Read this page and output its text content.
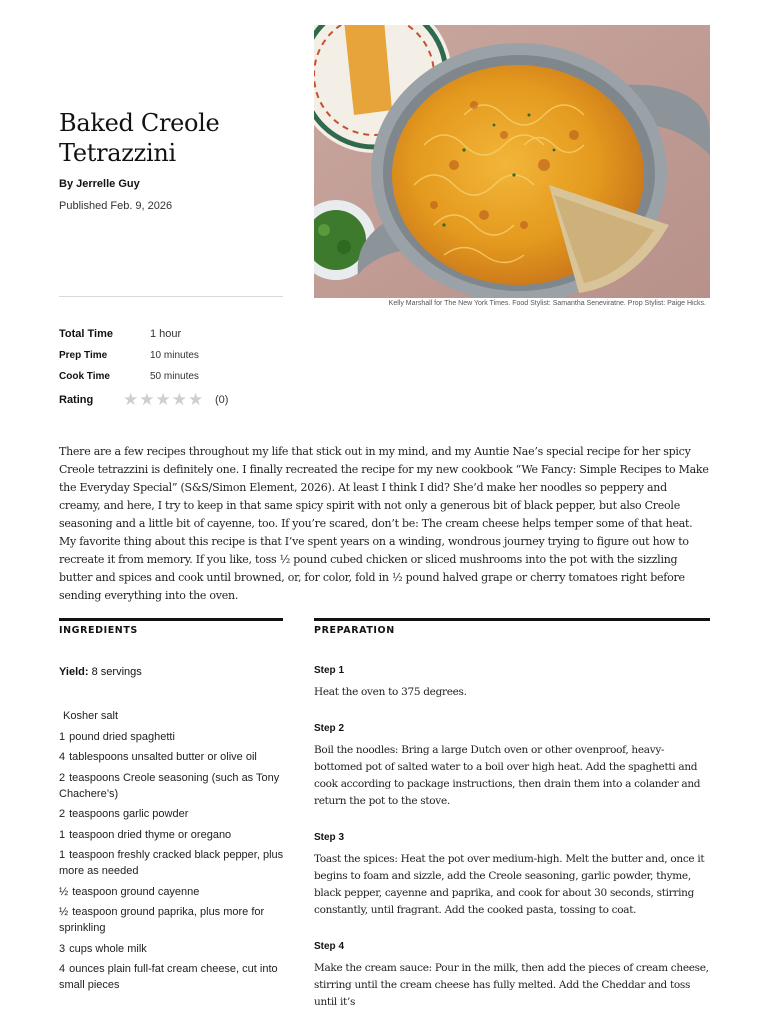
Baked Creole Tetrazzini
By Jerrelle Guy
Published Feb. 9, 2026
Kelly Marshall for The New York Times. Food Stylist: Samantha Seneviratne. Prop Stylist: Paige Hicks.
Total Time	1 hour
Prep Time	10 minutes
Cook Time	50 minutes
Rating ★ ★ ★ ★ ★ (0)

There are a few recipes throughout my life that stick out in my mind, and my Auntie Nae’s special recipe for her spicy Creole tetrazzini is definitely one. I finally recreated the recipe for my new cookbook “We Fancy: Simple Recipes to Make the Everyday Special” (S&S/Simon Element, 2026). At least I think I did? She’d make her noodles so peppery and creamy, and here, I try to keep in that same spicy spirit with not only a generous bit of black pepper, but also Creole seasoning and a little bit of cayenne, too. If you’re scared, don’t be: The cream cheese helps temper some of that heat. My favorite thing about this recipe is that I’ve spent years on a winding, wondrous journey trying to figure out how to recreate it from memory. If you like, toss ½ pound cubed chicken or sliced mushrooms into the pot with the sizzling butter and spices and cook until browned, or, for color, fold in ½ pound halved grape or cherry tomatoes right before sending everything into the oven.

INGREDIENTS	PREPARATION
Yield: 8 servings
Kosher salt
1 pound dried spaghetti
4 tablespoons unsalted butter or olive oil
2 teaspoons Creole seasoning (such as Tony Chachere’s)
2 teaspoons garlic powder
1 teaspoon dried thyme or oregano
1 teaspoon freshly cracked black pepper, plus more as needed
½ teaspoon ground cayenne
½ teaspoon ground paprika, plus more for sprinkling
3 cups whole milk
4 ounces plain full-fat cream cheese, cut into small pieces
Step 1

Heat the oven to 375 degrees.

Step 2

Boil the noodles: Bring a large Dutch oven or other ovenproof, heavy-bottomed pot of salted water to a boil over high heat. Add the spaghetti and cook according to package instructions, then drain them into a colander and return the pot to the stove.

Step 3

Toast the spices: Heat the pot over medium-high. Melt the butter and, once it begins to foam and sizzle, add the Creole seasoning, garlic powder, thyme, black pepper, cayenne and paprika, and cook for about 30 seconds, stirring constantly, until fragrant. Add the cooked pasta, tossing to coat.

Step 4

Make the cream sauce: Pour in the milk, then add the pieces of cream cheese, stirring until the cream cheese has fully melted. Add the Cheddar and toss until it’s
